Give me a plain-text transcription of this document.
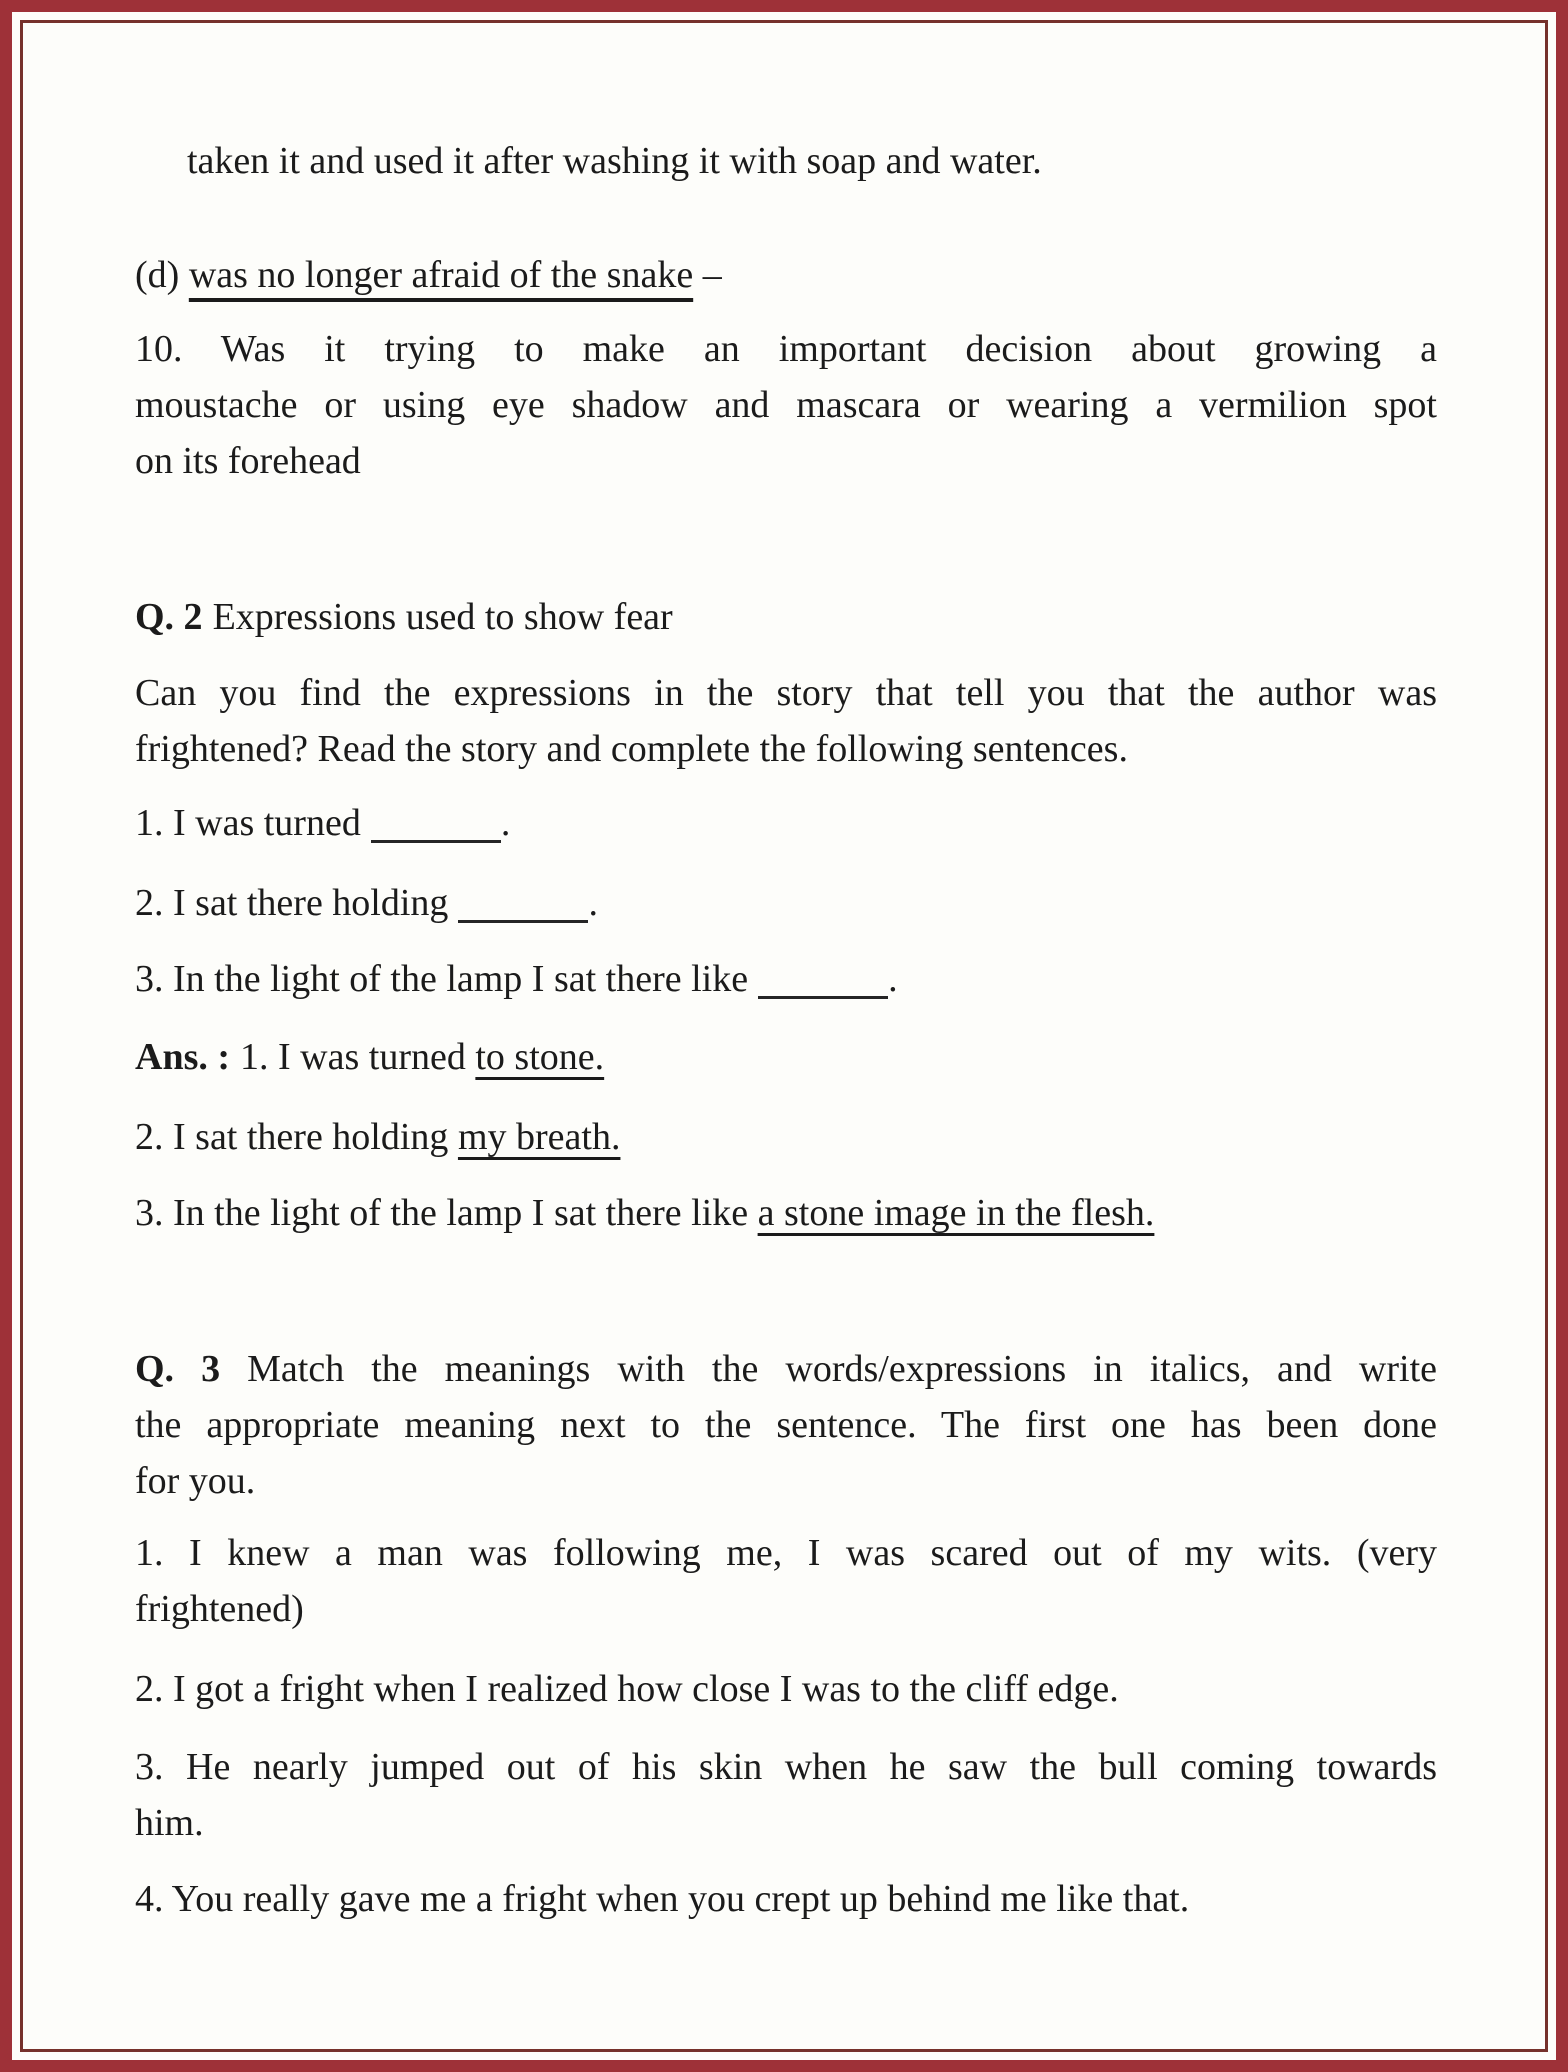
taken it and used it after washing it with soap and water.

(d) was no longer afraid of the snake –

10. Was it trying to make an important decision about growing a
moustache or using eye shadow and mascara or wearing a vermilion spot
on its forehead

Q. 2 Expressions used to show fear

Can you find the expressions in the story that tell you that the author was
frightened? Read the story and complete the following sentences.

1. I was turned	.

2. I sat there holding	.

3. In the light of the lamp I sat there like	.

Ans. : 1. I was turned to stone.

2. I sat there holding my breath.

3. In the light of the lamp I sat there like a stone image in the flesh.

Q. 3 Match the meanings with the words/expressions in italics, and write
the appropriate meaning next to the sentence. The first one has been done
for you.
1. I knew a man was following me, I was scared out of my wits. (very
frightened)

2. I got a fright when I realized how close I was to the cliff edge.

3. He nearly jumped out of his skin when he saw the bull coming towards
him.

4. You really gave me a fright when you crept up behind me like that.
